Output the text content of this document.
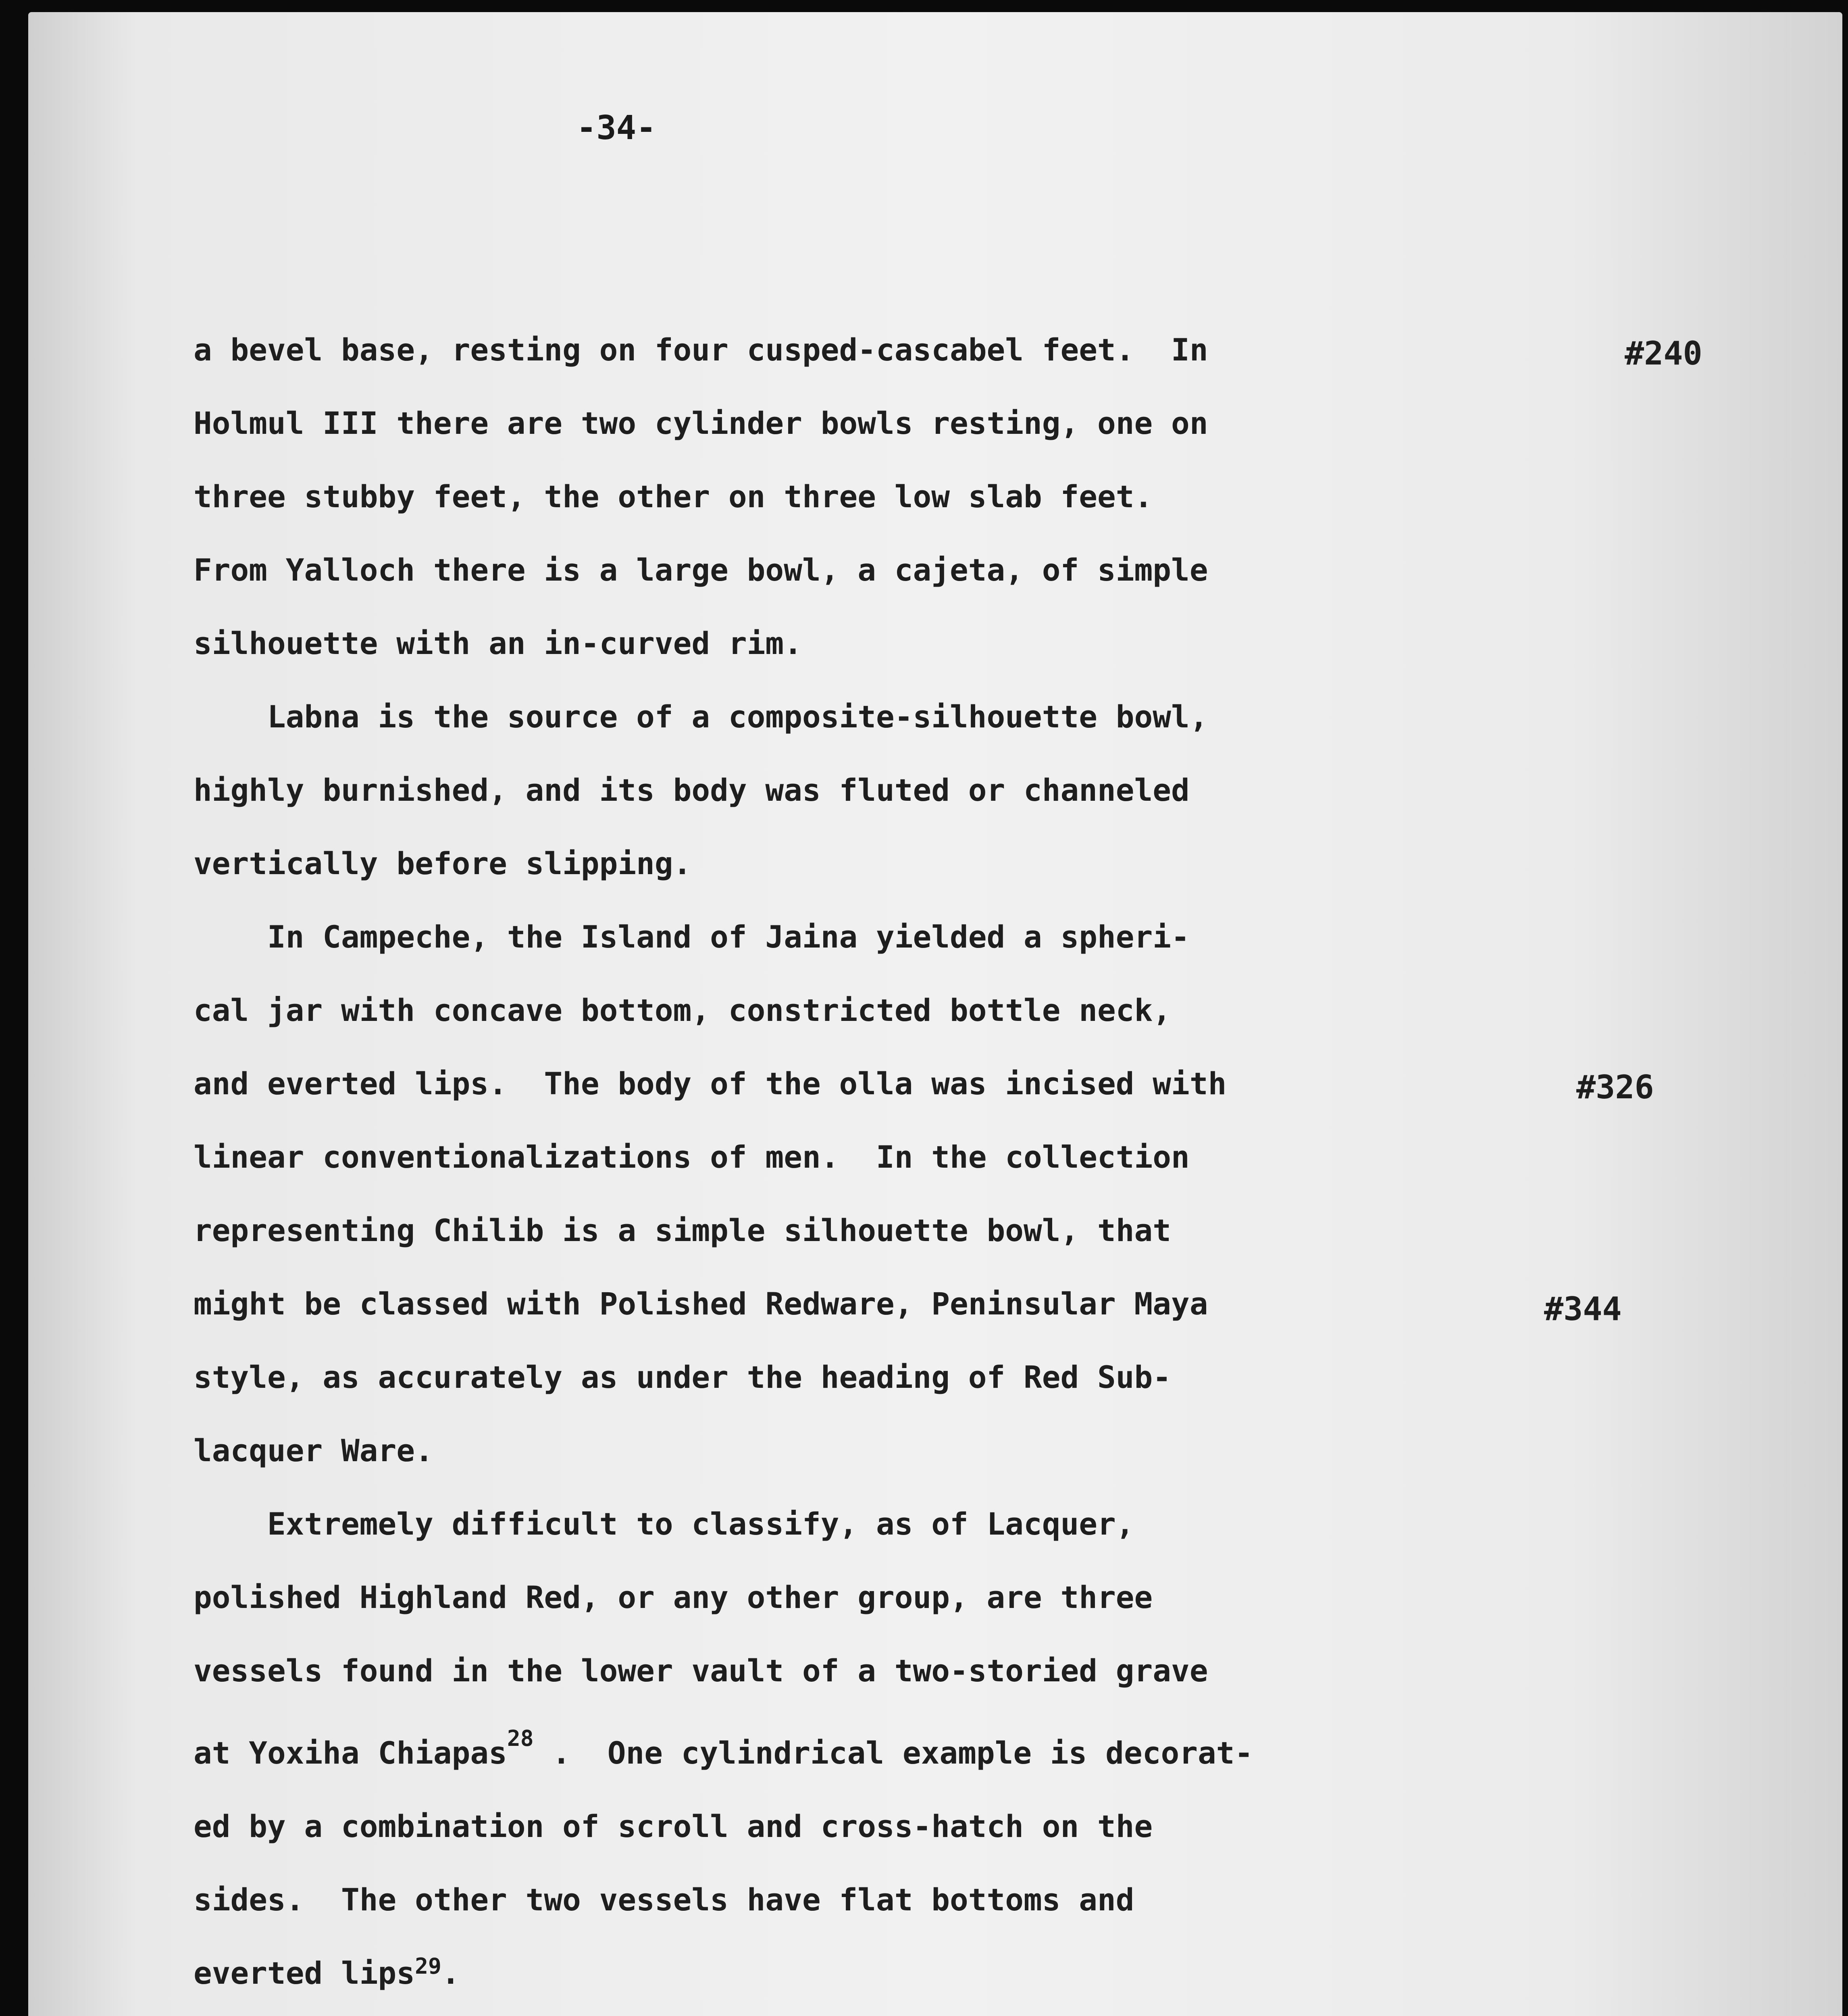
-34-

a bevel base, resting on four cusped-cascabel feet.  In
Holmul III there are two cylinder bowls resting, one on
three stubby feet, the other on three low slab feet.
From Yalloch there is a large bowl, a cajeta, of simple
silhouette with an in-curved rim.
Labna is the source of a composite-silhouette bowl,
highly burnished, and its body was fluted or channeled
vertically before slipping.
In Campeche, the Island of Jaina yielded a spheri-
cal jar with concave bottom, constricted bottle neck,
and everted lips.  The body of the olla was incised with
linear conventionalizations of men.  In the collection
representing Chilib is a simple silhouette bowl, that
might be classed with Polished Redware, Peninsular Maya
style, as accurately as under the heading of Red Sub-
lacquer Ware.
Extremely difficult to classify, as of Lacquer,
polished Highland Red, or any other group, are three
vessels found in the lower vault of a two-storied grave
at Yoxiha Chiapas$^{28}$ .  One cylindrical example is decorat-
ed by a combination of scroll and cross-hatch on the
sides.  The other two vessels have flat bottoms and
everted lips$^{29}$.
#240
#326
#344
